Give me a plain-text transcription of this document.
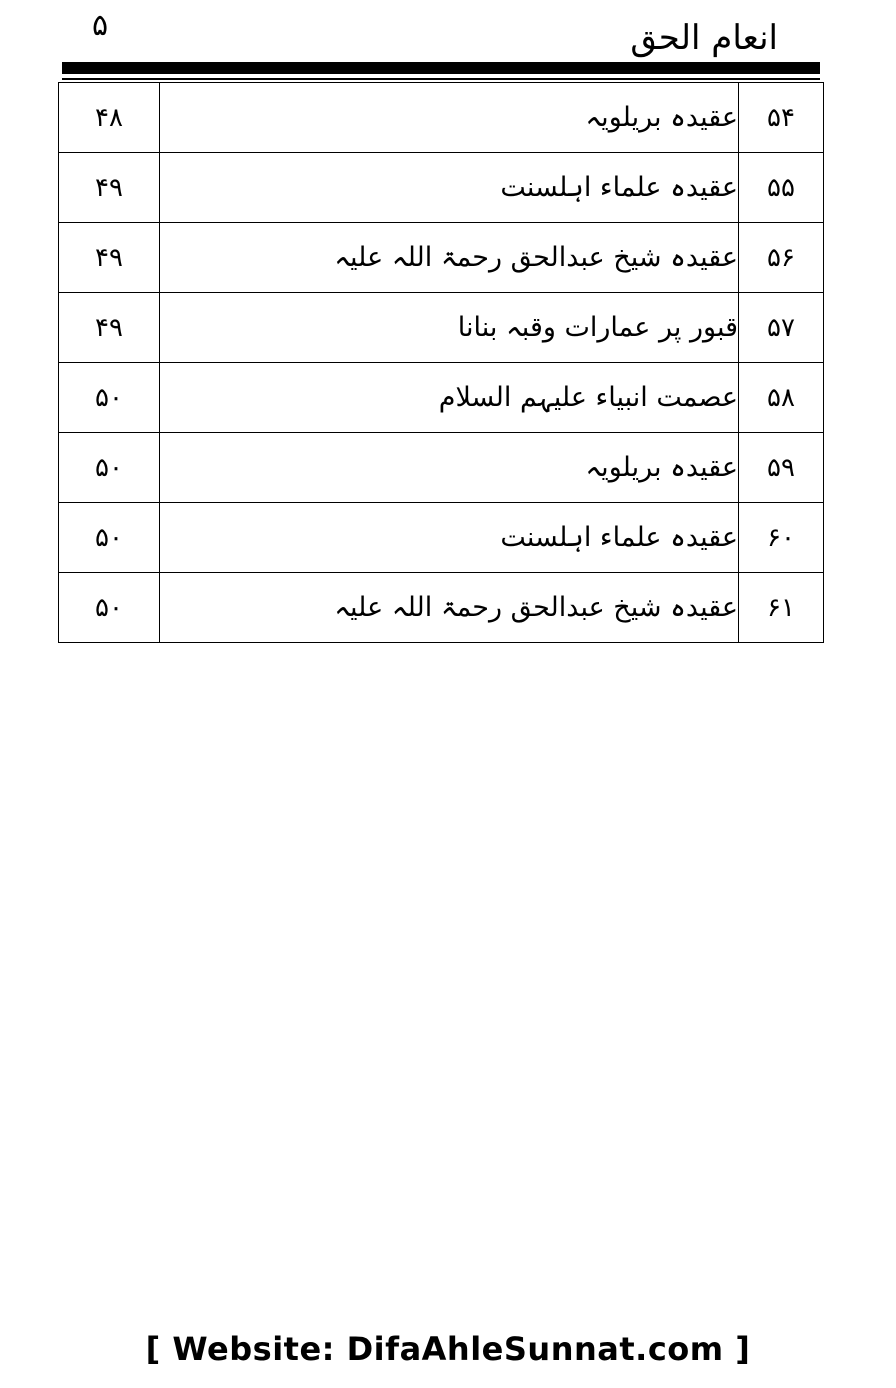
۵	انعام الحق
۴۸	عقیدہ بریلویہ	۵۴
۴۹	عقیدہ علماء اہلسنت	۵۵
۴۹	عقیدہ شیخ عبدالحق رحمۃ اللہ علیہ	۵۶
۴۹	قبور پر عمارات وقبہ بنانا	۵۷
۵۰	عصمت انبیاء علیہم السلام	۵۸
۵۰	عقیدہ بریلویہ	۵۹
۵۰	عقیدہ علماء اہلسنت	۶۰
۵۰	عقیدہ شیخ عبدالحق رحمۃ اللہ علیہ	۶۱
[ Website: DifaAhleSunnat.com ]
